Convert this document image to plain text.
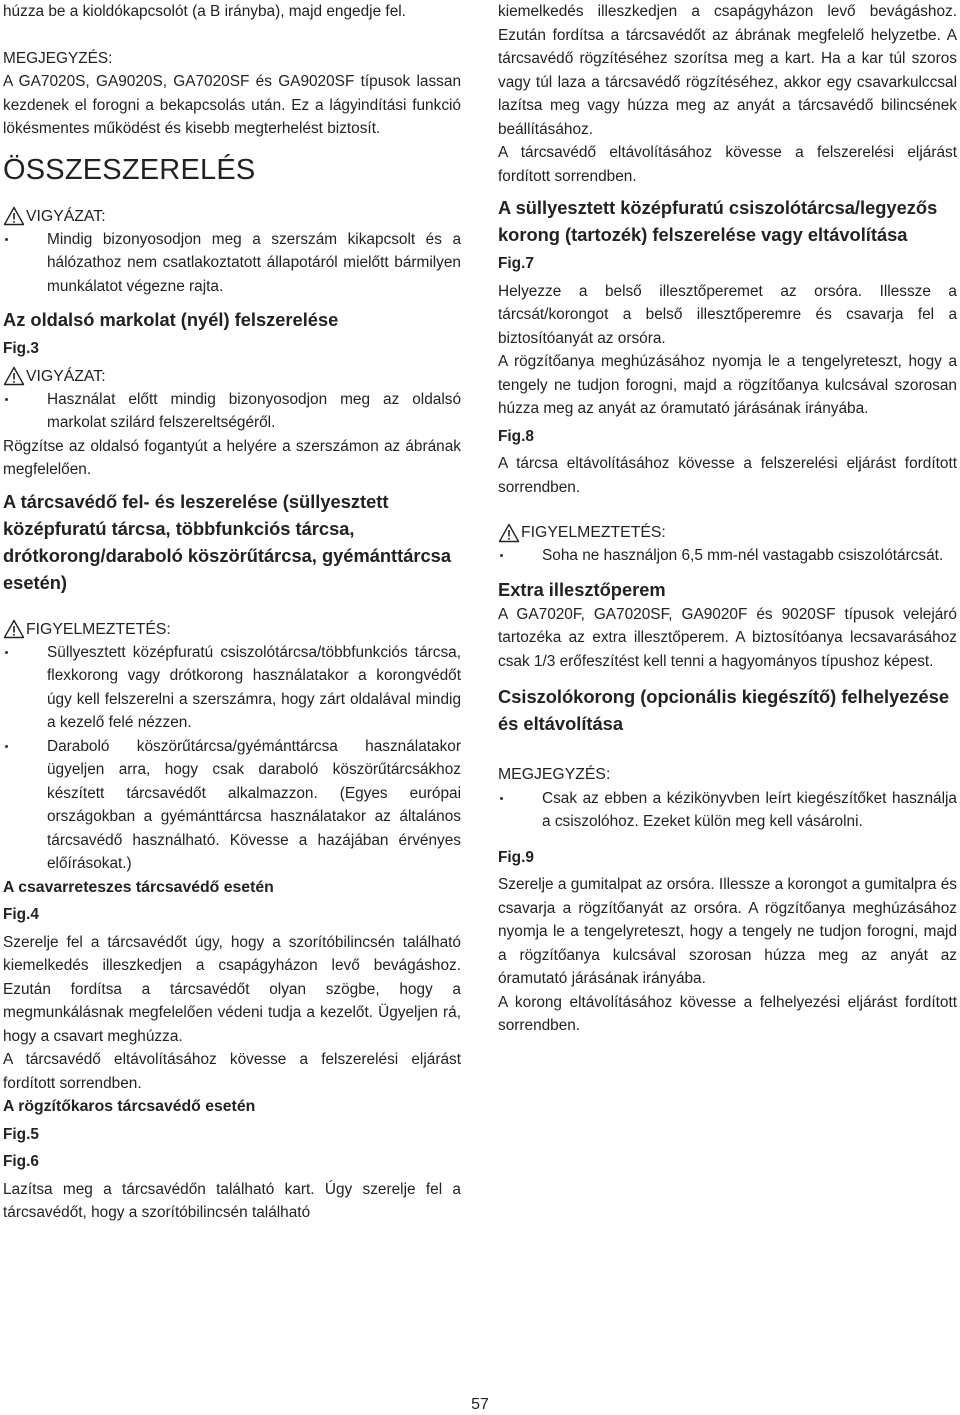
húzza be a kioldókapcsolót (a B irányba), majd engedje fel.

MEGJEGYZÉS:

A GA7020S, GA9020S, GA7020SF és GA9020SF típusok lassan kezdenek el forogni a bekapcsolás után. Ez a lágyindítási funkció lökésmentes működést és kisebb megterhelést biztosít.

ÖSSZESZERELÉS
VIGYÁZAT:
Mindig bizonyosodjon meg a szerszám kikapcsolt és a hálózathoz nem csatlakoztatott állapotáról mielőtt bármilyen munkálatot végezne rajta.
Az oldalsó markolat (nyél) felszerelése

Fig.3

VIGYÁZAT:
Használat előtt mindig bizonyosodjon meg az oldalsó markolat szilárd felszereltségéről.

Rögzítse az oldalsó fogantyút a helyére a szerszámon az ábrának megfelelően.

A tárcsavédő fel- és leszerelése (süllyesztett középfuratú tárcsa, többfunkciós tárcsa, drótkorong/daraboló köszörűtárcsa, gyémánttárcsa esetén)
FIGYELMEZTETÉS:
Süllyesztett középfuratú csiszolótárcsa/többfunkciós tárcsa, flexkorong vagy drótkorong használatakor a korongvédőt úgy kell felszerelni a szerszámra, hogy zárt oldalával mindig a kezelő felé nézzen.
Daraboló köszörűtárcsa/gyémánttárcsa használatakor ügyeljen arra, hogy csak daraboló köszörűtárcsákhoz készített tárcsavédőt alkalmazzon. (Egyes európai országokban a gyémánttárcsa használatakor az általános tárcsavédő használható. Kövesse a hazájában érvényes előírásokat.)
A csavarreteszes tárcsavédő esetén

Fig.4

Szerelje fel a tárcsavédőt úgy, hogy a szorítóbilincsén található kiemelkedés illeszkedjen a csapágyházon levő bevágáshoz. Ezután fordítsa a tárcsavédőt olyan szögbe, hogy a megmunkálásnak megfelelően védeni tudja a kezelőt. Ügyeljen rá, hogy a csavart meghúzza.

A tárcsavédő eltávolításához kövesse a felszerelési eljárást fordított sorrendben.

A rögzítőkaros tárcsavédő esetén

Fig.5

Fig.6

Lazítsa meg a tárcsavédőn található kart. Úgy szerelje fel a tárcsavédőt, hogy a szorítóbilincsén található

kiemelkedés illeszkedjen a csapágyházon levő bevágáshoz. Ezután fordítsa a tárcsavédőt az ábrának megfelelő helyzetbe. A tárcsavédő rögzítéséhez szorítsa meg a kart. Ha a kar túl szoros vagy túl laza a tárcsavédő rögzítéséhez, akkor egy csavarkulccsal lazítsa meg vagy húzza meg az anyát a tárcsavédő bilincsének beállításához.

A tárcsavédő eltávolításához kövesse a felszerelési eljárást fordított sorrendben.

A süllyesztett középfuratú csiszolótárcsa/legyezős korong (tartozék) felszerelése vagy eltávolítása

Fig.7

Helyezze a belső illesztőperemet az orsóra. Illessze a tárcsát/korongot a belső illesztőperemre és csavarja fel a biztosítóanyát az orsóra.

A rögzítőanya meghúzásához nyomja le a tengelyreteszt, hogy a tengely ne tudjon forogni, majd a rögzítőanya kulcsával szorosan húzza meg az anyát az óramutató járásának irányába.

Fig.8

A tárcsa eltávolításához kövesse a felszerelési eljárást fordított sorrendben.

FIGYELMEZTETÉS:
Soha ne használjon 6,5 mm-nél vastagabb csiszolótárcsát.
Extra illesztőperem

A GA7020F, GA7020SF, GA9020F és 9020SF típusok velejáró tartozéka az extra illesztőperem. A biztosítóanya lecsavarásához csak 1/3 erőfeszítést kell tenni a hagyományos típushoz képest.

Csiszolókorong (opcionális kiegészítő) felhelyezése és eltávolítása

MEGJEGYZÉS:

Csak az ebben a kézikönyvben leírt kiegészítőket használja a csiszolóhoz. Ezeket külön meg kell vásárolni.

Fig.9

Szerelje a gumitalpat az orsóra. Illessze a korongot a gumitalpra és csavarja a rögzítőanyát az orsóra. A rögzítőanya meghúzásához nyomja le a tengelyreteszt, hogy a tengely ne tudjon forogni, majd a rögzítőanya kulcsával szorosan húzza meg az anyát az óramutató járásának irányába.

A korong eltávolításához kövesse a felhelyezési eljárást fordított sorrendben.

57
